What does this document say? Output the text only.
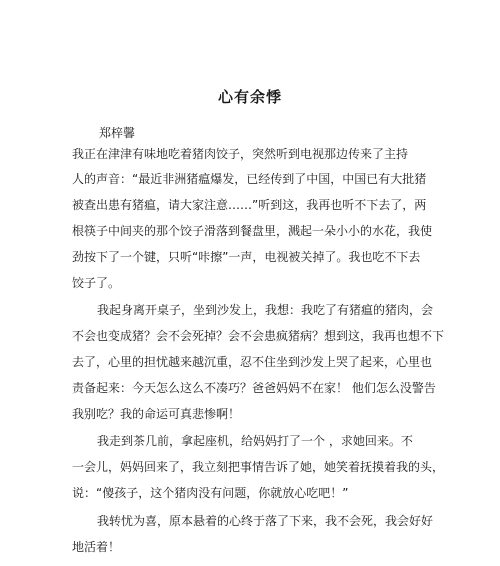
心有余悸
郑梓馨
我正在津津有味地吃着猪肉饺子，突然听到电视那边传来了主持
人的声音：“最近非洲猪瘟爆发，已经传到了中国，中国已有大批猪
被查出患有猪瘟，请大家注意……”听到这，我再也听不下去了，两
根筷子中间夹的那个饺子滑落到餐盘里，溅起一朵小小的水花，我使
劲按下了一个键，只听“咔擦”一声，电视被关掉了。我也吃不下去
饺子了。
我起身离开桌子，坐到沙发上，我想：我吃了有猪瘟的猪肉，会
不会也变成猪？会不会死掉？会不会患疯猪病？想到这，我再也想不下
去了，心里的担忧越来越沉重，忍不住坐到沙发上哭了起来，心里也
责备起来：今天怎么这么不凑巧？爸爸妈妈不在家！ 他们怎么没警告
我别吃？我的命运可真悲惨啊！
我走到茶几前，拿起座机，给妈妈打了一个 ，求她回来。不
一会儿，妈妈回来了，我立刻把事情告诉了她，她笑着抚摸着我的头，
说：“傻孩子，这个猪肉没有问题，你就放心吃吧！”
我转忧为喜，原本悬着的心终于落了下来，我不会死，我会好好
地活着！
